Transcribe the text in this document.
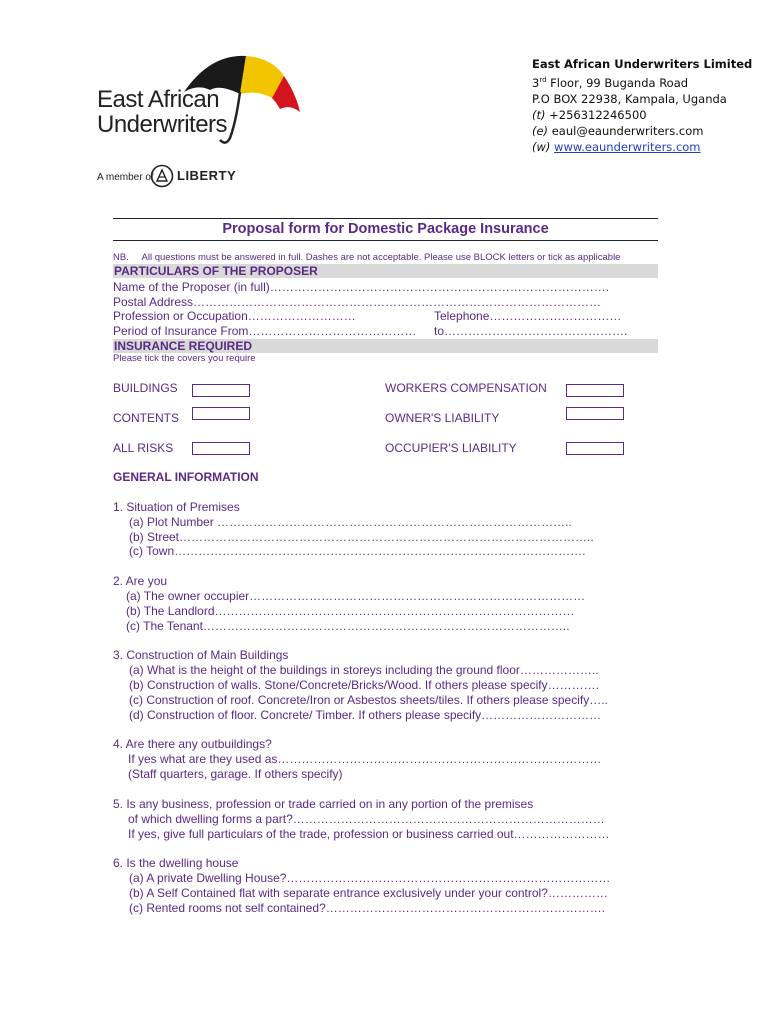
East African
Underwriters
A member of LIBERTY
East African Underwriters Limited
3rd Floor, 99 Buganda Road
P.O BOX 22938, Kampala, Uganda
(t) +256312246500
(e) eaul@eaunderwriters.com
(w) www.eaunderwriters.com
Proposal form for Domestic Package Insurance
NB.     All questions must be answered in full. Dashes are not acceptable. Please use BLOCK letters or tick as applicable
PARTICULARS OF THE PROPOSER
Name of the Proposer (in full)………………………………………………………………………….
Postal Address…………………………………………………………………………………………
Profession or Occupation………………………	Telephone……………………………
Period of Insurance From…………………………………… to……………………………………….
INSURANCE REQUIRED
Please tick the covers you require
BUILDINGS	WORKERS COMPENSATION
CONTENTS	OWNER'S LIABILITY
ALL RISKS	OCCUPIER'S LIABILITY
GENERAL INFORMATION
1. Situation of Premises
(a) Plot Number ……………………………………………………………………………..
(b) Street…………………………………………………………………………………………..
(c) Town………………………………………………………………………………………….
2. Are you
(a) The owner occupier…………………………………………………………………………
(b) The Landlord………………………………………………………………………………
(c) The Tenant………………………………………………………………………………..
3. Construction of Main Buildings
(a) What is the height of the buildings in storeys including the ground floor………………..
(b) Construction of walls. Stone/Concrete/Bricks/Wood. If others please specify………….
(c) Construction of roof. Concrete/Iron or Asbestos sheets/tiles. If others please specify…..
(d) Construction of floor. Concrete/ Timber. If others please specify…………………………
4. Are there any outbuildings?
If yes what are they used as………………………………………………………………………
(Staff quarters, garage. If others specify)
5. Is any business, profession or trade carried on in any portion of the premises
of which dwelling forms a part?……………………………………………………………………
If yes, give full particulars of the trade, profession or business carried out……………………
6. Is the dwelling house
(a) A private Dwelling House?………………………………………………………………………
(b) A Self Contained flat with separate entrance exclusively under your control?……………
(c) Rented rooms not self contained?…………………………………………………………….
